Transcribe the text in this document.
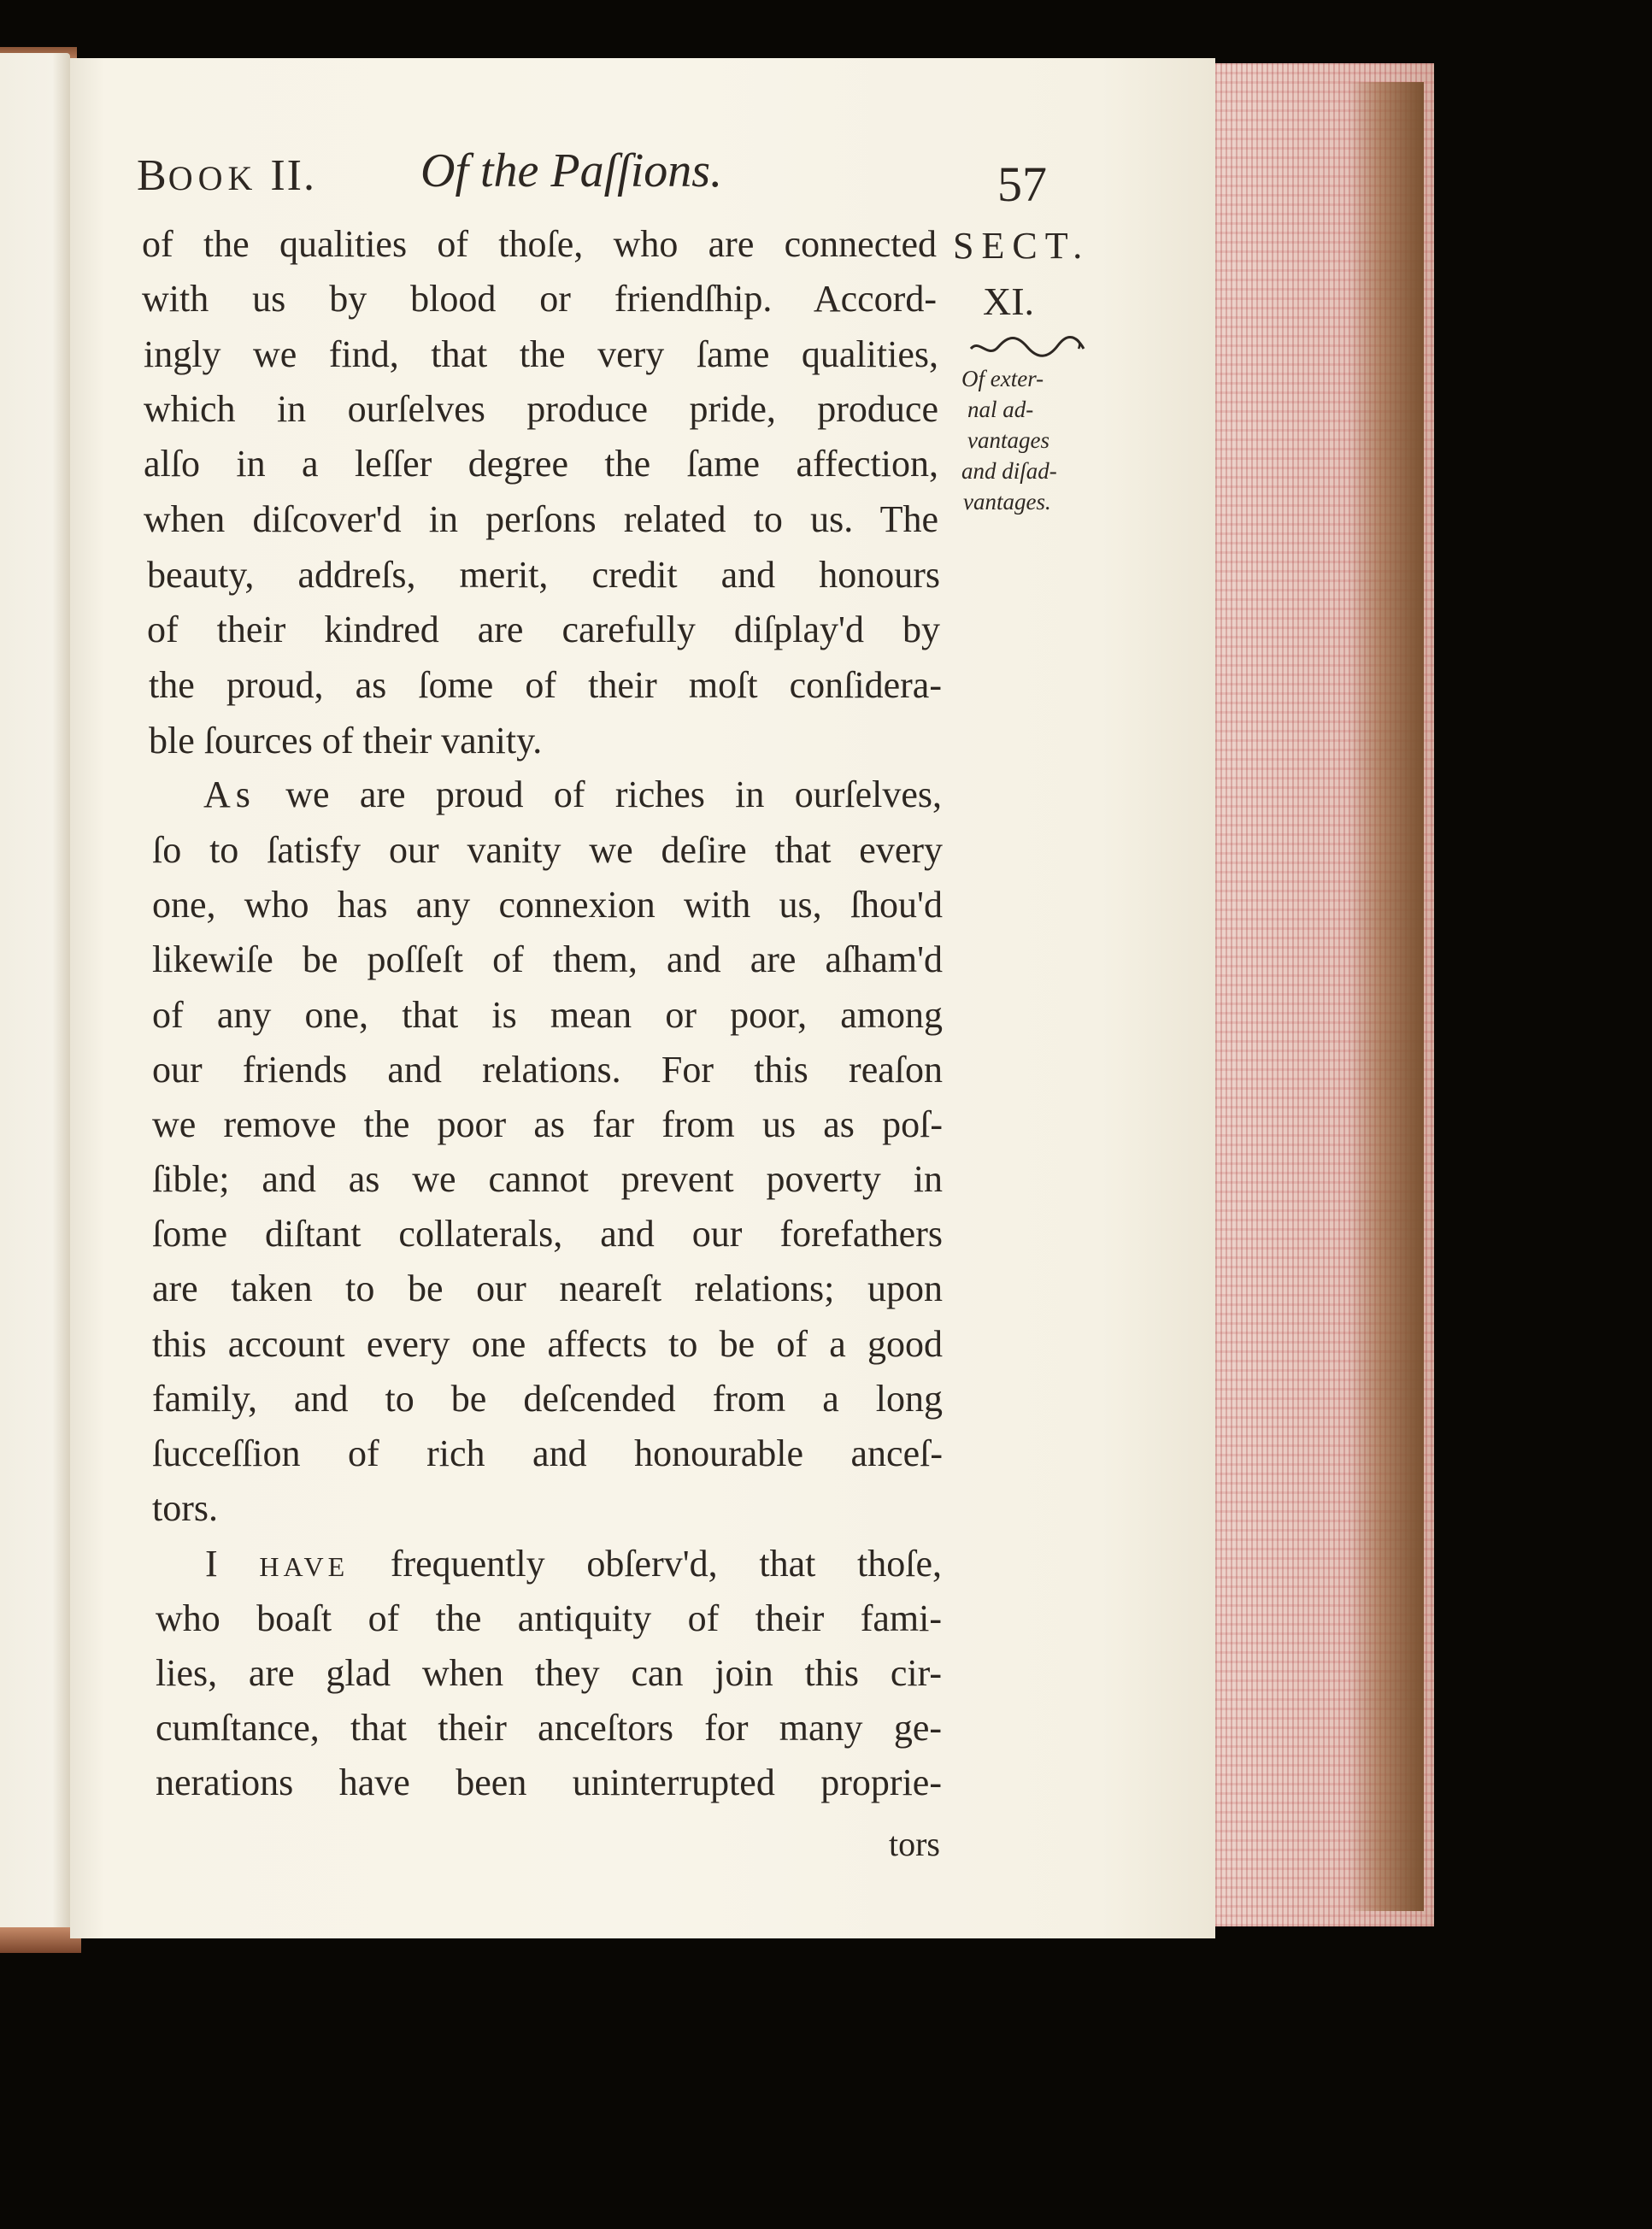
BOOK II. Of the Paſſions.	57
SECT.
XI.
Of exter-
nal ad-
vantages
and diſad-
vantages.
of the qualities of thoſe, who are connected
with us by blood or friendſhip. Accord-
ingly we find, that the very ſame qualities,
which in ourſelves produce pride, produce
alſo in a leſſer degree the ſame affection,
when diſcover'd in perſons related to us. The
beauty, addreſs, merit, credit and honours
of their kindred are carefully diſplay'd by
the proud, as ſome of their moſt conſidera-
ble ſources of their vanity.
As we are proud of riches in ourſelves,
ſo to ſatisfy our vanity we deſire that every
one, who has any connexion with us, ſhou'd
likewiſe be poſſeſt of them, and are aſham'd
of any one, that is mean or poor, among
our friends and relations. For this reaſon
we remove the poor as far from us as poſ-
ſible; and as we cannot prevent poverty in
ſome diſtant collaterals, and our forefathers
are taken to be our neareſt relations; upon
this account every one affects to be of a good
family, and to be deſcended from a long
ſucceſſion of rich and honourable anceſ-
tors.
I HAVE frequently obſerv'd, that thoſe,
who boaſt of the antiquity of their fami-
lies, are glad when they can join this cir-
cumſtance, that their anceſtors for many ge-
nerations have been uninterrupted proprie-
tors
